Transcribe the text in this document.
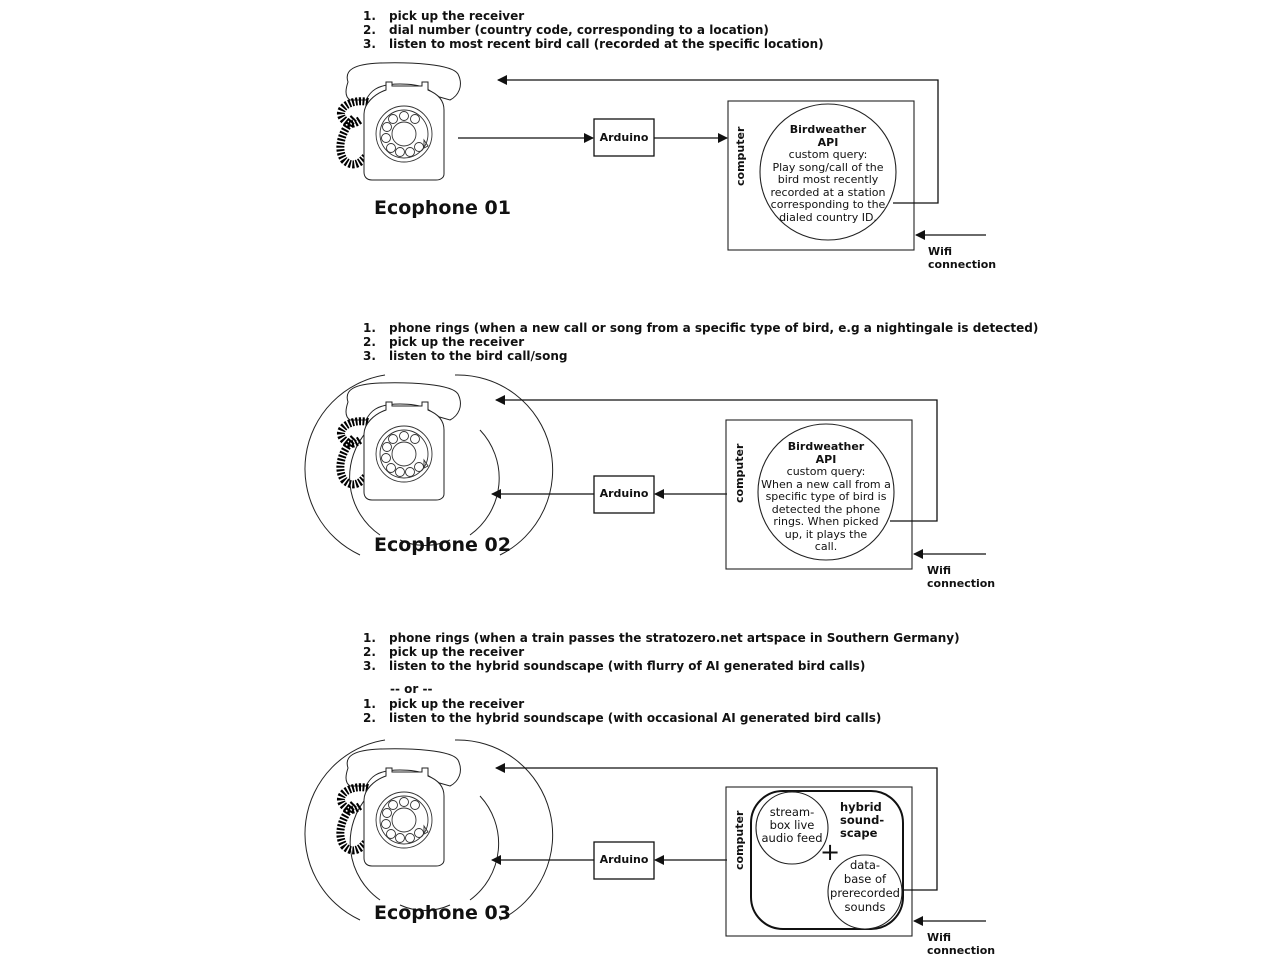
1.	pick up the receiver
2.	dial number (country code, corresponding to a location)
3.	listen to most recent bird call (recorded at the specific location)
Ecophone 01
Arduino	computer	Birdweather
API
custom query:
Play song/call of the
bird most recently
recorded at a station
corresponding to the
dialed country ID.
Wifi
connection
1.	phone rings (when a new call or song from a specific type of bird, e.g a nightingale is detected)
2.	pick up the receiver
3.	listen to the bird call/song
Ecophone 02
Arduino	computer	Birdweather
API
custom query:
When a new call from a
specific type of bird is
detected the phone
rings. When picked
up, it plays the
call.
Wifi
connection
1.	phone rings (when a train passes the stratozero.net artspace in Southern Germany)
2.	pick up the receiver
3.	listen to the hybrid soundscape (with flurry of AI generated bird calls)
-- or --
1.	pick up the receiver
2.	listen to the hybrid soundscape (with occasional AI generated bird calls)
Ecophone 03
Arduino	computer	stream-
box live
audio feed
hybrid
sound-
scape
+ data-
base of
prerecorded
sounds
Wifi
connection
